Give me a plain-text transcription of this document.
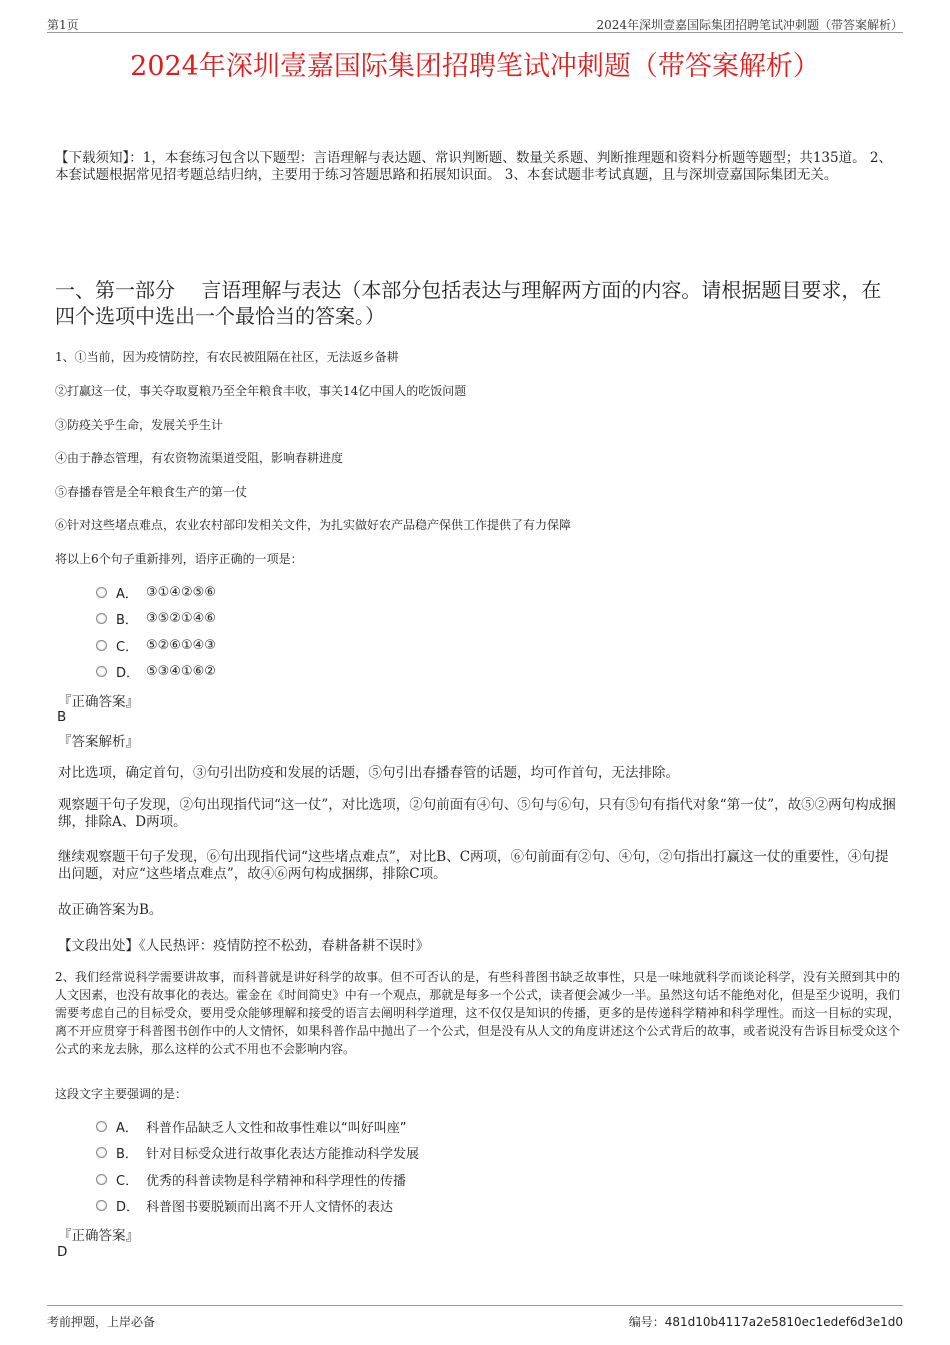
第1页	2024年深圳壹嘉国际集团招聘笔试冲刺题（带答案解析）
2024年深圳壹嘉国际集团招聘笔试冲刺题（带答案解析）
【下载须知】：1，本套练习包含以下题型：言语理解与表达题、常识判断题、数量关系题、判断推理题和资料分析题等题型；共135道。 2、本套试题根据常见招考题总结归纳，主要用于练习答题思路和拓展知识面。 3、本套试题非考试真题，且与深圳壹嘉国际集团无关。
一、第一部分　 言语理解与表达（本部分包括表达与理解两方面的内容。请根据题目要求，在四个选项中选出一个最恰当的答案。）
1、①当前，因为疫情防控，有农民被阻隔在社区，无法返乡备耕
②打赢这一仗，事关夺取夏粮乃至全年粮食丰收，事关14亿中国人的吃饭问题
③防疫关乎生命，发展关乎生计
④由于静态管理，有农资物流渠道受阻，影响春耕进度
⑤春播春管是全年粮食生产的第一仗
⑥针对这些堵点难点，农业农村部印发相关文件，为扎实做好农产品稳产保供工作提供了有力保障
将以上6个句子重新排列，语序正确的一项是：
A． ③①④②⑤⑥
B． ③⑤②①④⑥
C． ⑤②⑥①④③
D． ⑤③④①⑥②
『正确答案』
B
『答案解析』
对比选项，确定首句，③句引出防疫和发展的话题，⑤句引出春播春管的话题，均可作首句，无法排除。
观察题干句子发现，②句出现指代词“这一仗”，对比选项，②句前面有④句、⑤句与⑥句，只有⑤句有指代对象“第一仗”，故⑤②两句构成捆绑，排除A、D两项。
继续观察题干句子发现，⑥句出现指代词“这些堵点难点”，对比B、C两项，⑥句前面有②句、④句，②句指出打赢这一仗的重要性，④句提出问题，对应“这些堵点难点”，故④⑥两句构成捆绑，排除C项。
故正确答案为B。
【文段出处】《人民热评：疫情防控不松劲，春耕备耕不误时》
2、我们经常说科学需要讲故事，而科普就是讲好科学的故事。但不可否认的是，有些科普图书缺乏故事性，只是一味地就科学而谈论科学，没有关照到其中的人文因素，也没有故事化的表达。霍金在《时间简史》中有一个观点，那就是每多一个公式，读者便会减少一半。虽然这句话不能绝对化，但是至少说明，我们需要考虑自己的目标受众，要用受众能够理解和接受的语言去阐明科学道理，这不仅仅是知识的传播，更多的是传递科学精神和科学理性。而这一目标的实现，离不开应贯穿于科普图书创作中的人文情怀，如果科普作品中抛出了一个公式，但是没有从人文的角度讲述这个公式背后的故事，或者说没有告诉目标受众这个公式的来龙去脉，那么这样的公式不用也不会影响内容。
这段文字主要强调的是：
A． 科普作品缺乏人文性和故事性难以“叫好叫座”
B． 针对目标受众进行故事化表达方能推动科学发展
C． 优秀的科普读物是科学精神和科学理性的传播
D． 科普图书要脱颖而出离不开人文情怀的表达
『正确答案』
D
考前押题，上岸必备	编号：481d10b4117a2e5810ec1edef6d3e1d0
